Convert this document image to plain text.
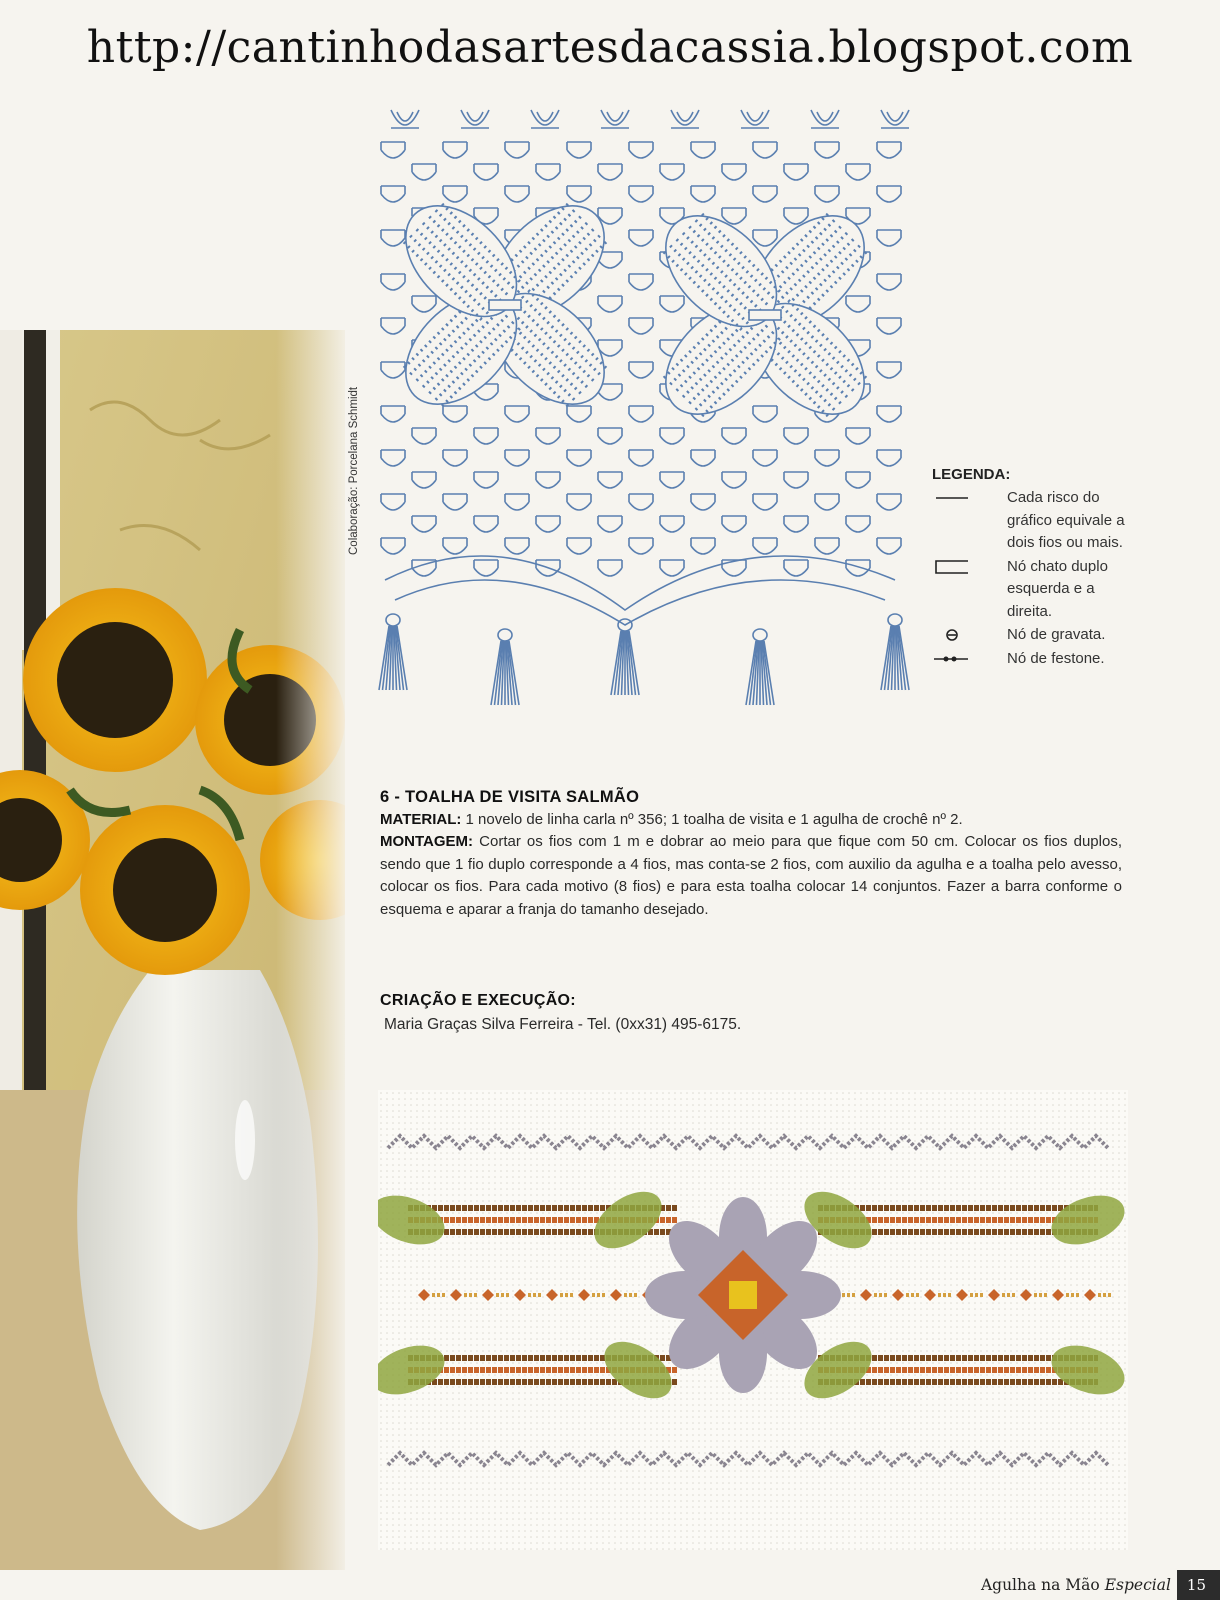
http://cantinhodasartesdacassia.blogspot.com
Colaboração: Porcelana Schmidt	LEGENDA:
Cada risco do gráfico equivale a dois fios ou mais.
Nó chato duplo esquerda e a direita.
Nó de gravata.
Nó de festone.
6 - TOALHA DE VISITA SALMÃO

MATERIAL: 1 novelo de linha carla nº 356; 1 toalha de visita e 1 agulha de crochê nº 2.

MONTAGEM: Cortar os fios com 1 m e dobrar ao meio para que fique com 50 cm. Colocar os fios duplos, sendo que 1 fio duplo corresponde a 4 fios, mas conta-se 2 fios, com auxilio da agulha e a toalha pelo avesso, colocar os fios. Para cada motivo (8 fios) e para esta toalha colocar 14 conjuntos. Fazer a barra conforme o esquema e aparar a franja do tamanho desejado.

CRIAÇÃO E EXECUÇÃO:
Maria Graças Silva Ferreira - Tel. (0xx31) 495-6175.
Agulha na Mão Especial	15
